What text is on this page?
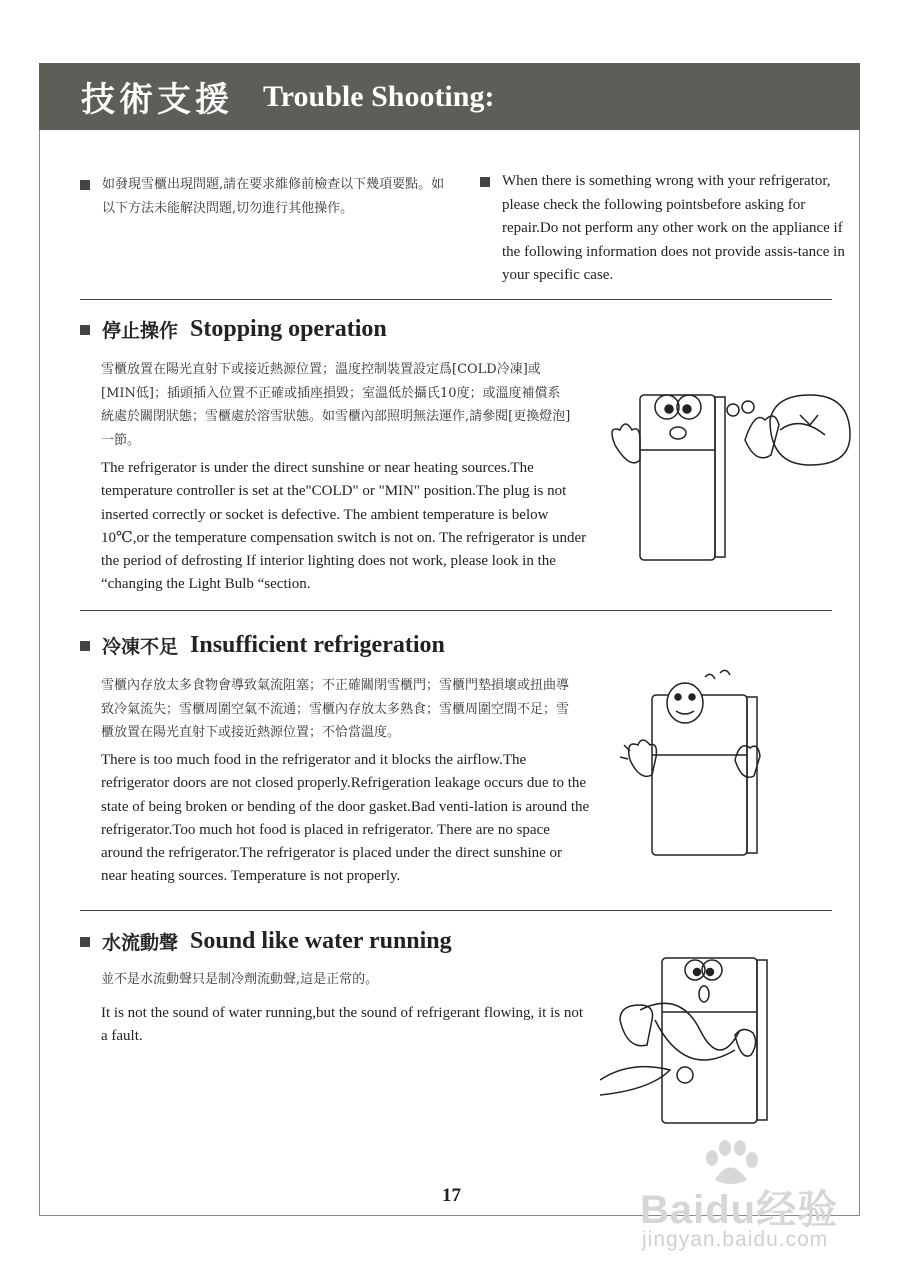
技術支援 Trouble Shooting:
如發現雪櫃出現問題,請在要求維修前檢查以下幾項要點。如以下方法未能解決問題,切勿進行其他操作。
When there is something wrong with your refrigerator, please check the following pointsbefore asking for repair.Do not perform any other work on the appliance if the following information does not provide assis-tance in your specific case.
停止操作 Stopping operation
雪櫃放置在陽光直射下或接近熱源位置；溫度控制裝置設定爲[COLD冷凍]或[MIN低]；插頭插入位置不正確或插座損毀；室溫低於攝氏10度；或溫度補償系統處於關閉狀態；雪櫃處於溶雪狀態。如雪櫃內部照明無法運作,請參閱[更換燈泡]一節。
The refrigerator is under the direct sunshine or near heating sources.The temperature controller is set at the"COLD" or "MIN" position.The plug is not inserted correctly or socket is defective. The ambient temperature is below 10℃,or the temperature compensation switch is not on. The refrigerator is under the period of defrosting If interior lighting does not work, please look in the “changing the Light Bulb “section.
冷凍不足 Insufficient refrigeration
雪櫃內存放太多食物會導致氣流阻塞；不正確關閉雪櫃門；雪櫃門墊損壞或扭曲導致冷氣流失；雪櫃周圍空氣不流通；雪櫃內存放太多熟食；雪櫃周圍空間不足；雪櫃放置在陽光直射下或接近熱源位置；不恰當溫度。
There is too much food in the refrigerator and it blocks the airflow.The refrigerator doors are not closed properly.Refrigeration leakage occurs due to the state of being broken or bending of the door gasket.Bad venti-lation is around the refrigerator.Too much hot food is placed in refrigerator. There are no space around the refrigerator.The refrigerator is placed under the direct sunshine or near heating sources. Temperature is not properly.
水流動聲 Sound like water running
並不是水流動聲只是制冷劑流動聲,這是正常的。
It is not the sound of water running,but the sound of refrigerant flowing, it is not a fault.
17	Baidu经验
jingyan.baidu.com
